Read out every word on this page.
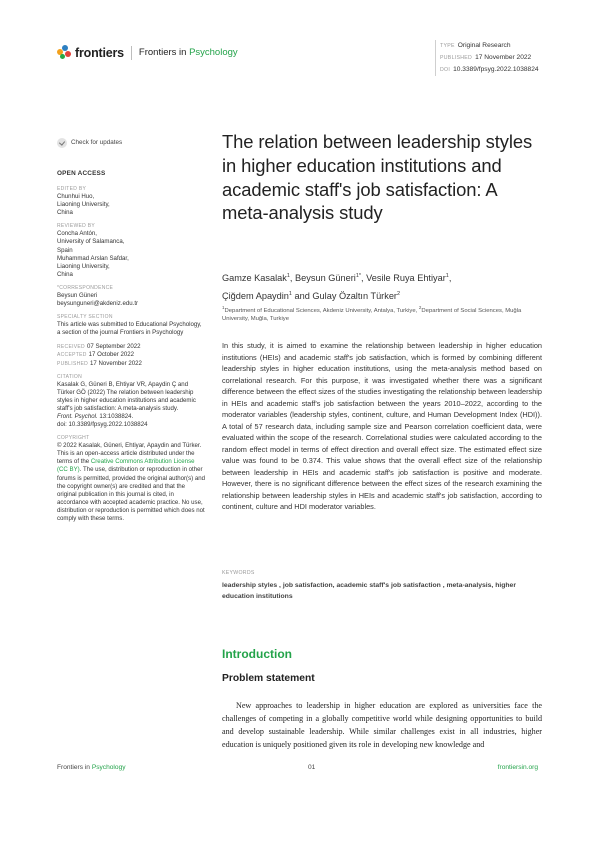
frontiers Frontiers in Psychology
TYPE Original Research
PUBLISHED 17 November 2022
DOI 10.3389/fpsyg.2022.1038824
Check for updates
OPEN ACCESS
EDITED BY
Chunhui Huo,
Liaoning University,
China
REVIEWED BY
Concha Antón,
University of Salamanca,
Spain
Muhammad Arslan Safdar,
Liaoning University,
China
*CORRESPONDENCE
Beysun Güneri
beysunguneri@akdeniz.edu.tr
SPECIALTY SECTION
This article was submitted to Educational Psychology, a section of the journal Frontiers in Psychology
RECEIVED 07 September 2022
ACCEPTED 17 October 2022
PUBLISHED 17 November 2022
CITATION
Kasalak G, Güneri B, Ehtiyar VR, Apaydin Ç and Türker GÖ (2022) The relation between leadership styles in higher education institutions and academic staff's job satisfaction: A meta-analysis study.
Front. Psychol. 13:1038824.
doi: 10.3389/fpsyg.2022.1038824
COPYRIGHT
© 2022 Kasalak, Güneri, Ehtiyar, Apaydin and Türker. This is an open-access article distributed under the terms of the Creative Commons Attribution License (CC BY). The use, distribution or reproduction in other forums is permitted, provided the original author(s) and the copyright owner(s) are credited and that the original publication in this journal is cited, in accordance with accepted academic practice. No use, distribution or reproduction is permitted which does not comply with these terms.
The relation between leadership styles in higher education institutions and academic staff's job satisfaction: A meta-analysis study
Gamze Kasalak$^1$, Beysun Güneri$^{1*}$, Vesile Ruya Ehtiyar$^1$,
Çiğdem Apaydin$^1$ and Gulay Özaltın Türker$^2$
$^1$Department of Educational Sciences, Akdeniz University, Antalya, Turkiye, $^2$Department of Social Sciences, Muğla University, Muğla, Turkiye

In this study, it is aimed to examine the relationship between leadership in higher education institutions (HEIs) and academic staff's job satisfaction, which is formed by combining different leadership styles in higher education institutions, using the meta-analysis method based on correlational research. For this purpose, it was investigated whether there was a significant difference between the effect sizes of the studies investigating the relationship between leadership in HEIs and academic staff's job satisfaction between the years 2010–2022, according to the moderator variables (leadership styles, continent, culture, and Human Development Index (HDI)). A total of 57 research data, including sample size and Pearson correlation coefficient data, were evaluated within the scope of the research. Correlational studies were calculated according to the random effect model in terms of effect direction and overall effect size. The estimated effect size value was found to be 0.374. This value shows that the overall effect size of the relationship between leadership in HEIs and academic staff's job satisfaction is positive and moderate. However, there is no significant difference between the effect sizes of the research examining the relationship between leadership styles in HEIs and academic staff's job satisfaction, according to continent, culture and HDI moderator variables.

KEYWORDS
leadership styles , job satisfaction, academic staff's job satisfaction , meta-analysis, higher education institutions
Introduction
Problem statement

New approaches to leadership in higher education are explored as universities face the challenges of competing in a globally competitive world while designing opportunities to build and develop sustainable leadership. While similar challenges exist in all industries, higher education is uniquely positioned given its role in developing new knowledge and

Frontiers in Psychology	01	frontiersin.org
